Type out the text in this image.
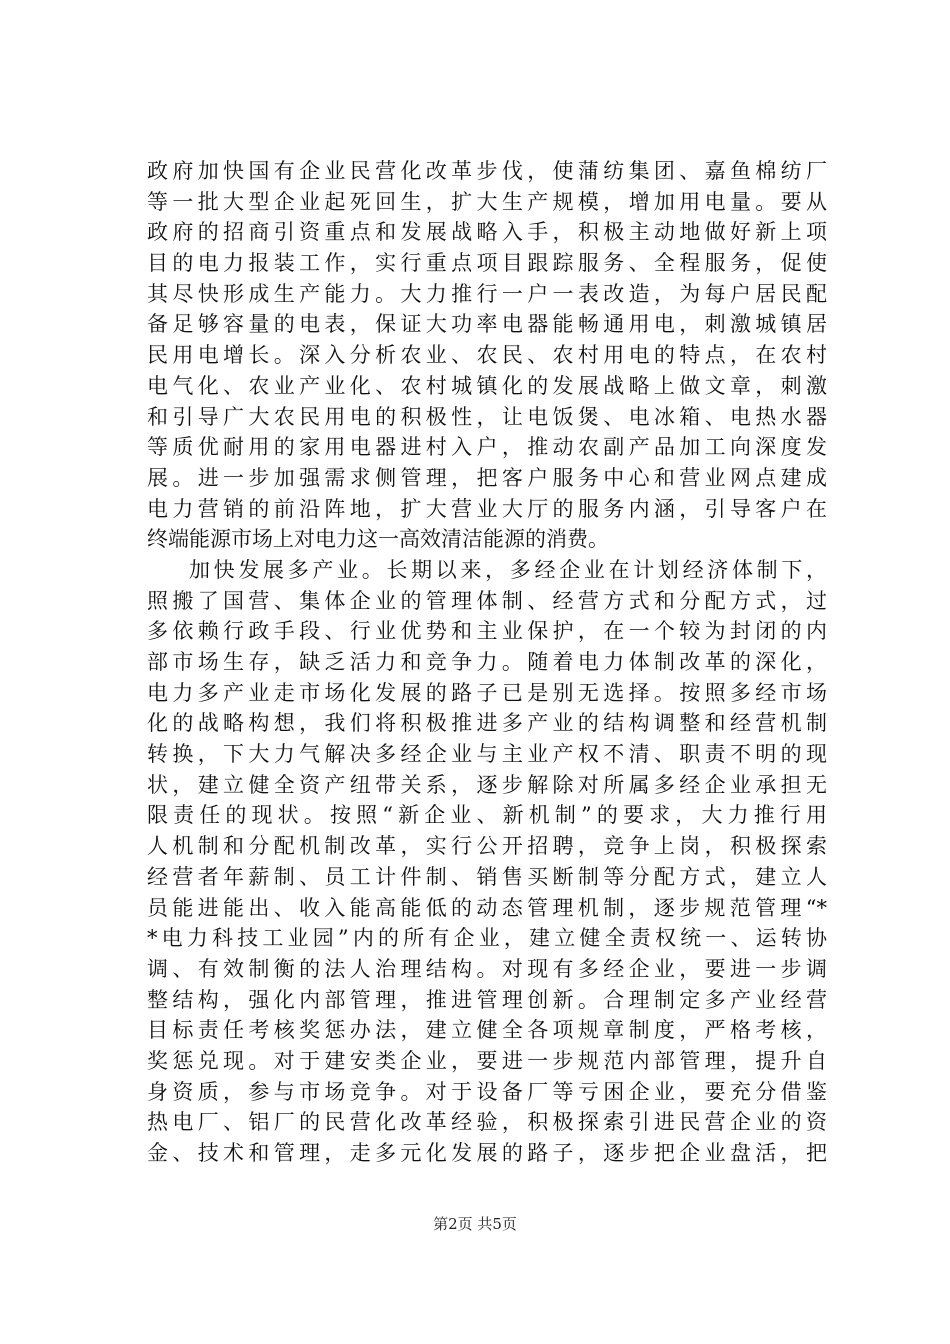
政府加快国有企业民营化改革步伐，使蒲纺集团、嘉鱼棉纺厂
等一批大型企业起死回生，扩大生产规模，增加用电量。要从
政府的招商引资重点和发展战略入手，积极主动地做好新上项
目的电力报装工作，实行重点项目跟踪服务、全程服务，促使
其尽快形成生产能力。大力推行一户一表改造，为每户居民配
备足够容量的电表，保证大功率电器能畅通用电，刺激城镇居
民用电增长。深入分析农业、农民、农村用电的特点，在农村
电气化、农业产业化、农村城镇化的发展战略上做文章，刺激
和引导广大农民用电的积极性，让电饭煲、电冰箱、电热水器
等质优耐用的家用电器进村入户，推动农副产品加工向深度发
展。进一步加强需求侧管理，把客户服务中心和营业网点建成
电力营销的前沿阵地，扩大营业大厅的服务内涵，引导客户在
终端能源市场上对电力这一高效清洁能源的消费。
加快发展多产业。长期以来，多经企业在计划经济体制下，
照搬了国营、集体企业的管理体制、经营方式和分配方式，过
多依赖行政手段、行业优势和主业保护，在一个较为封闭的内
部市场生存，缺乏活力和竞争力。随着电力体制改革的深化，
电力多产业走市场化发展的路子已是别无选择。按照多经市场
化的战略构想，我们将积极推进多产业的结构调整和经营机制
转换，下大力气解决多经企业与主业产权不清、职责不明的现
状，建立健全资产纽带关系，逐步解除对所属多经企业承担无
限责任的现状。按照“新企业、新机制”的要求，大力推行用
人机制和分配机制改革，实行公开招聘，竞争上岗，积极探索
经营者年薪制、员工计件制、销售买断制等分配方式，建立人
员能进能出、收入能高能低的动态管理机制，逐步规范管理“*
*电力科技工业园”内的所有企业，建立健全责权统一、运转协
调、有效制衡的法人治理结构。对现有多经企业，要进一步调
整结构，强化内部管理，推进管理创新。合理制定多产业经营
目标责任考核奖惩办法，建立健全各项规章制度，严格考核，
奖惩兑现。对于建安类企业，要进一步规范内部管理，提升自
身资质，参与市场竞争。对于设备厂等亏困企业，要充分借鉴
热电厂、铝厂的民营化改革经验，积极探索引进民营企业的资
金、技术和管理，走多元化发展的路子，逐步把企业盘活，把
第2页 共5页
